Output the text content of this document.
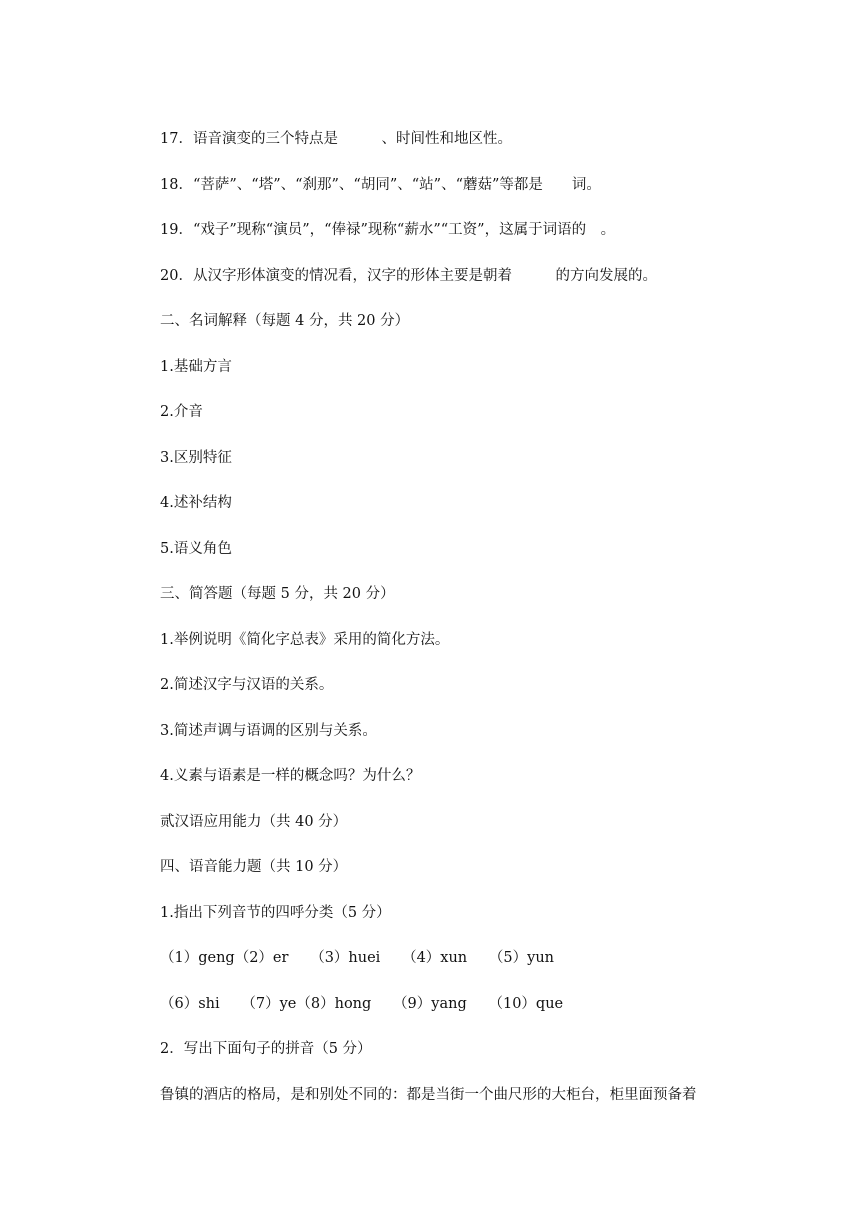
17．语音演变的三个特点是　　　、时间性和地区性。
18．“菩萨”、“塔”、“刹那”、“胡同”、“站”、“蘑菇”等都是　　词。
19．“戏子”现称“演员”，“俸禄”现称“薪水”“工资”，这属于词语的　。
20．从汉字形体演变的情况看，汉字的形体主要是朝着　　　的方向发展的。
二、名词解释（每题 4 分，共 20 分）
1.基础方言
2.介音
3.区别特征
4.述补结构
5.语义角色
三、简答题（每题 5 分，共 20 分）
1.举例说明《简化字总表》采用的简化方法。
2.简述汉字与汉语的关系。
3.简述声调与语调的区别与关系。
4.义素与语素是一样的概念吗？为什么？
贰汉语应用能力（共 40 分）
四、语音能力题（共 10 分）
1.指出下列音节的四呼分类（5 分）
（1）geng（2）er　　（3）huei　　（4）xun　　（5）yun
（6）shi　　（7）ye（8）hong　　（9）yang　　（10）que
2．写出下面句子的拼音（5 分）
鲁镇的酒店的格局，是和别处不同的：都是当街一个曲尺形的大柜台，柜里面预备着
